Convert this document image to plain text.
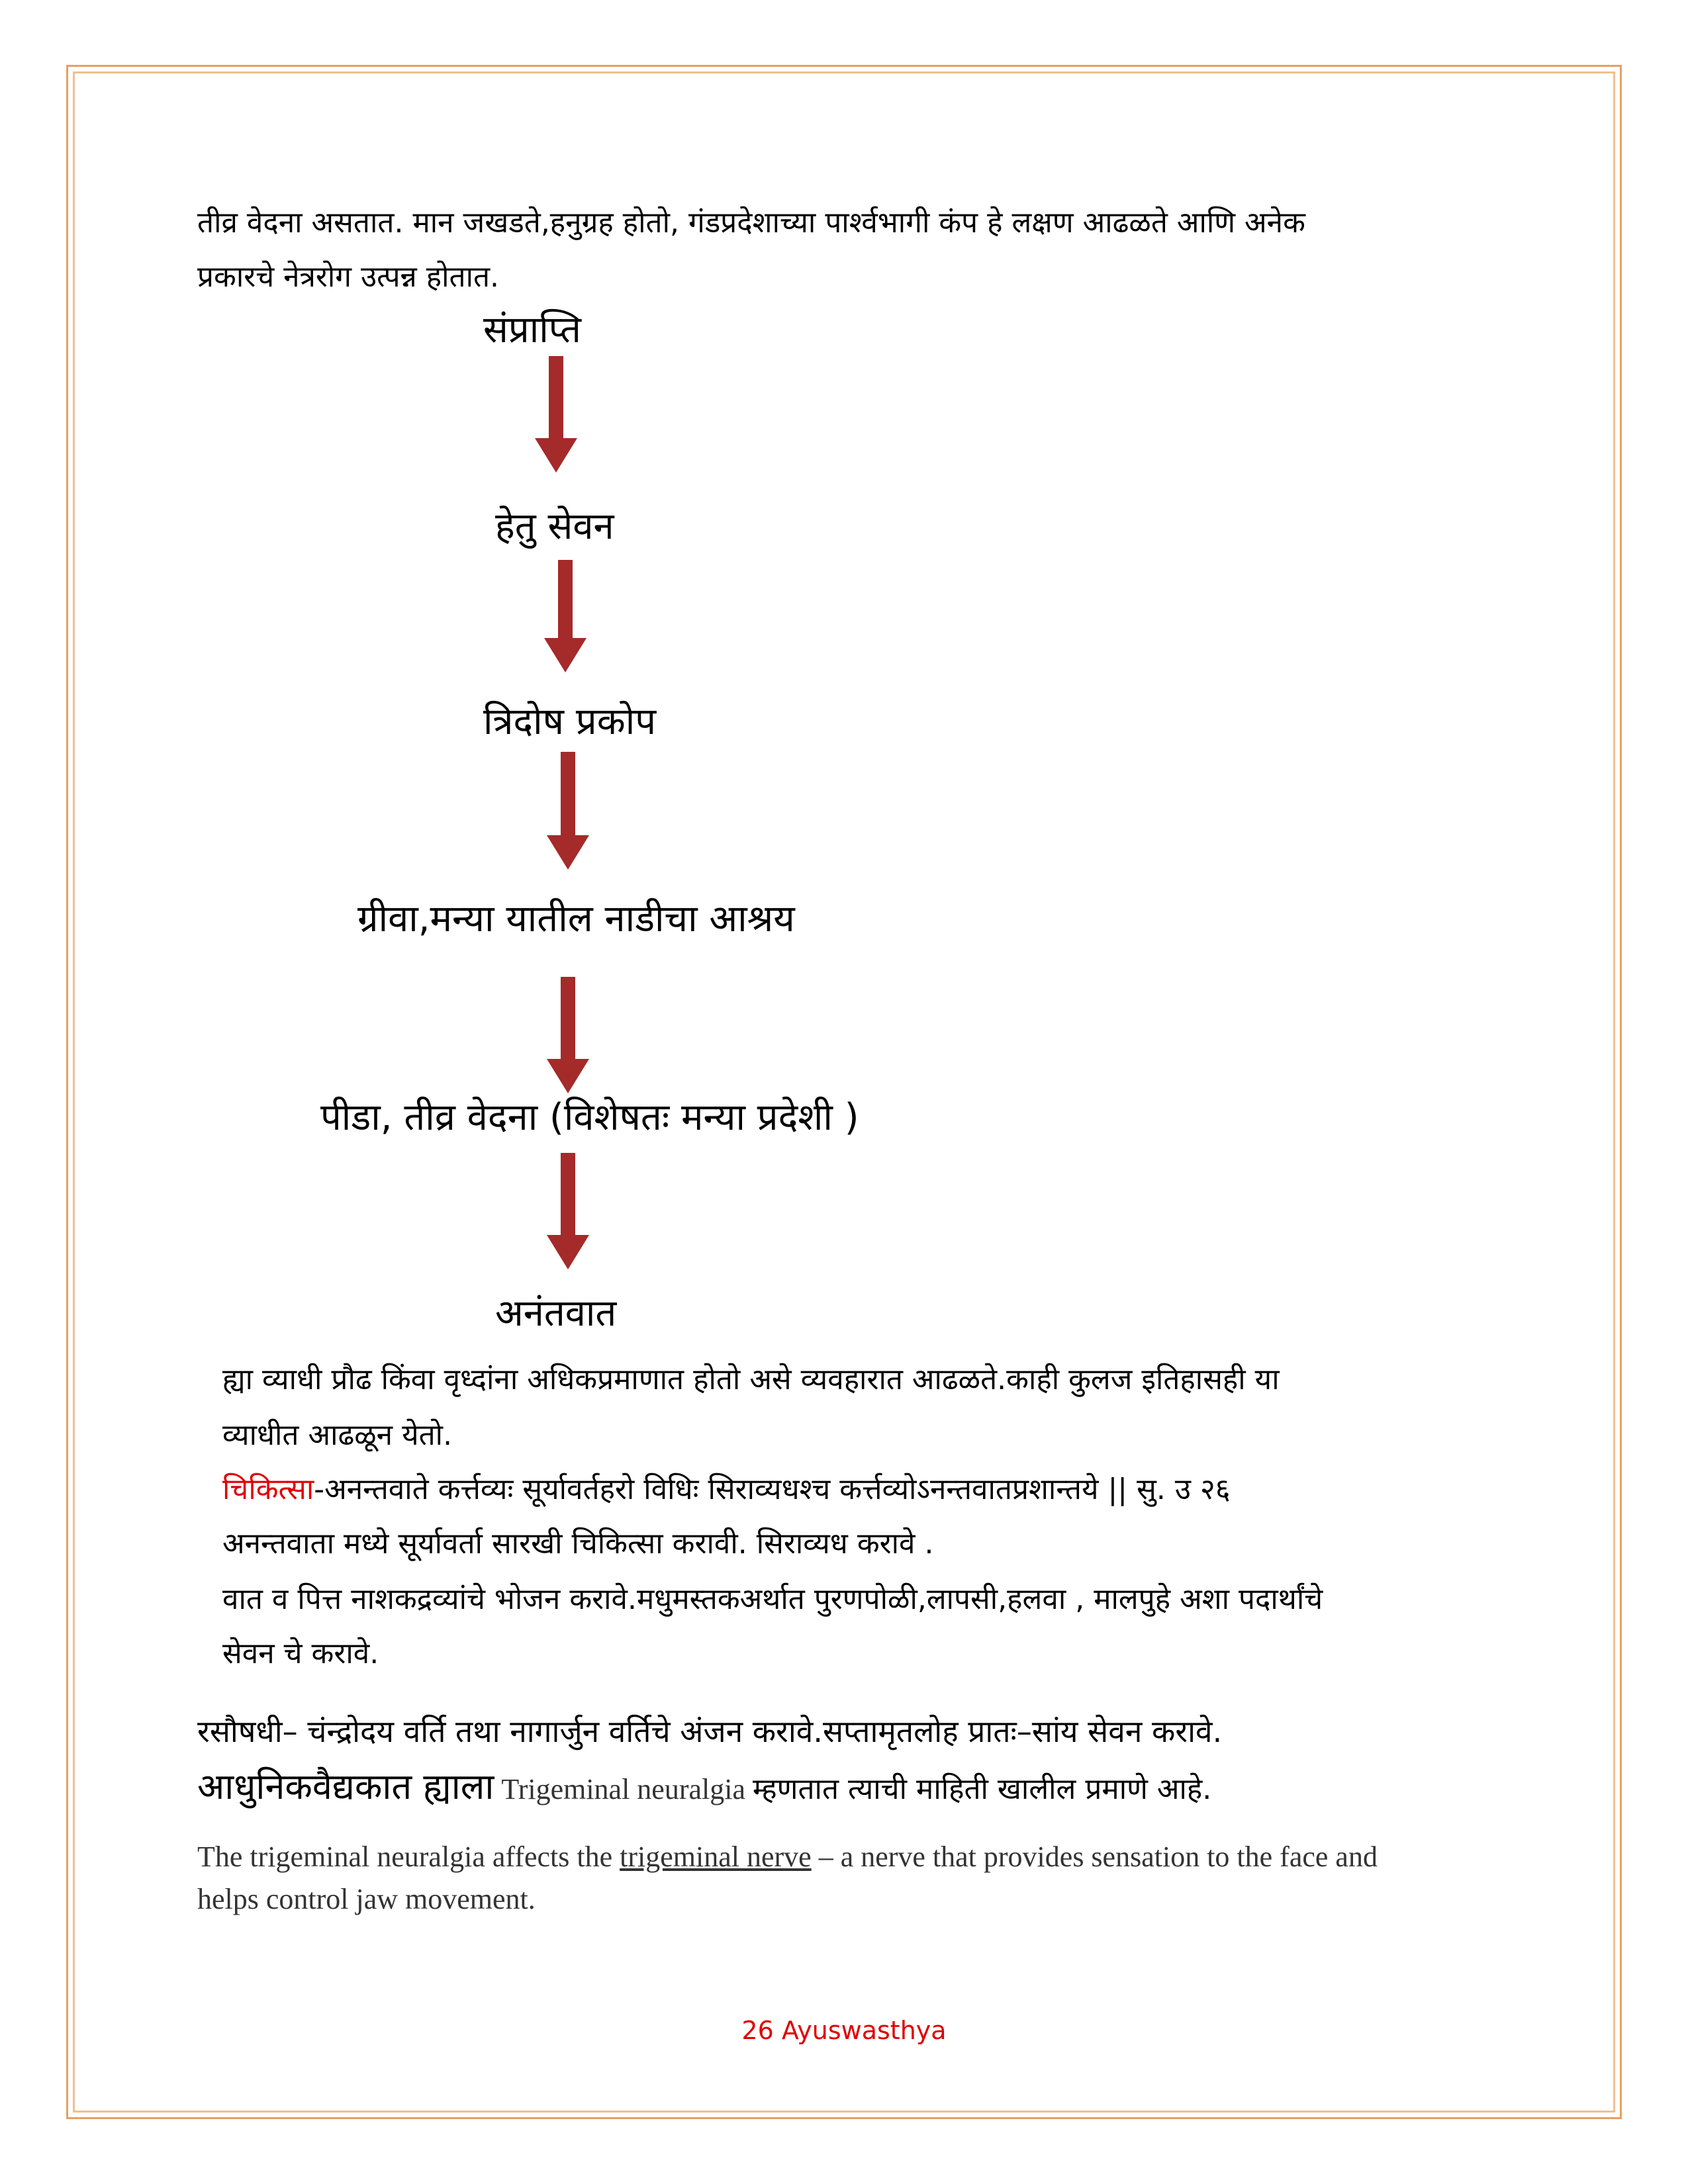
तीव्र वेदना असतात. मान जखडते,हनुग्रह होतो, गंडप्रदेशाच्या पार्श्वभागी कंप हे लक्षण आढळते आणि अनेक
प्रकारचे नेत्ररोग उत्पन्न होतात.
संप्राप्ति
हेतु सेवन
त्रिदोष प्रकोप
ग्रीवा,मन्या यातील नाडीचा आश्रय
पीडा, तीव्र वेदना (विशेषतः मन्या प्रदेशी )
अनंतवात
ह्या व्याधी प्रौढ किंवा वृध्दांना अधिकप्रमाणात होतो असे व्यवहारात आढळते.काही कुलज इतिहासही या
व्याधीत आढळून येतो.
चिकित्सा-अनन्तवाते कर्त्तव्यः सूर्यावर्तहरो विधिः सिराव्यधश्च कर्त्तव्योऽनन्तवातप्रशान्तये || सु. उ २६
अनन्तवाता मध्ये सूर्यावर्ता सारखी चिकित्सा करावी. सिराव्यध करावे .
वात व पित्त नाशकद्रव्यांचे भोजन करावे.मधुमस्तकअर्थात पुरणपोळी,लापसी,हलवा , मालपुहे अशा पदार्थांचे
सेवन चे करावे.
रसौषधी– चंन्द्रोदय वर्ति तथा नागार्जुन वर्तिचे अंजन करावे.सप्तामृतलोह प्रातः–सांय सेवन करावे.
आधुनिकवैद्यकात ह्याला Trigeminal neuralgia म्हणतात त्याची माहिती खालील प्रमाणे आहे.
The trigeminal neuralgia affects the trigeminal nerve – a nerve that provides sensation to the face and
helps control jaw movement.
26 Ayuswasthya
